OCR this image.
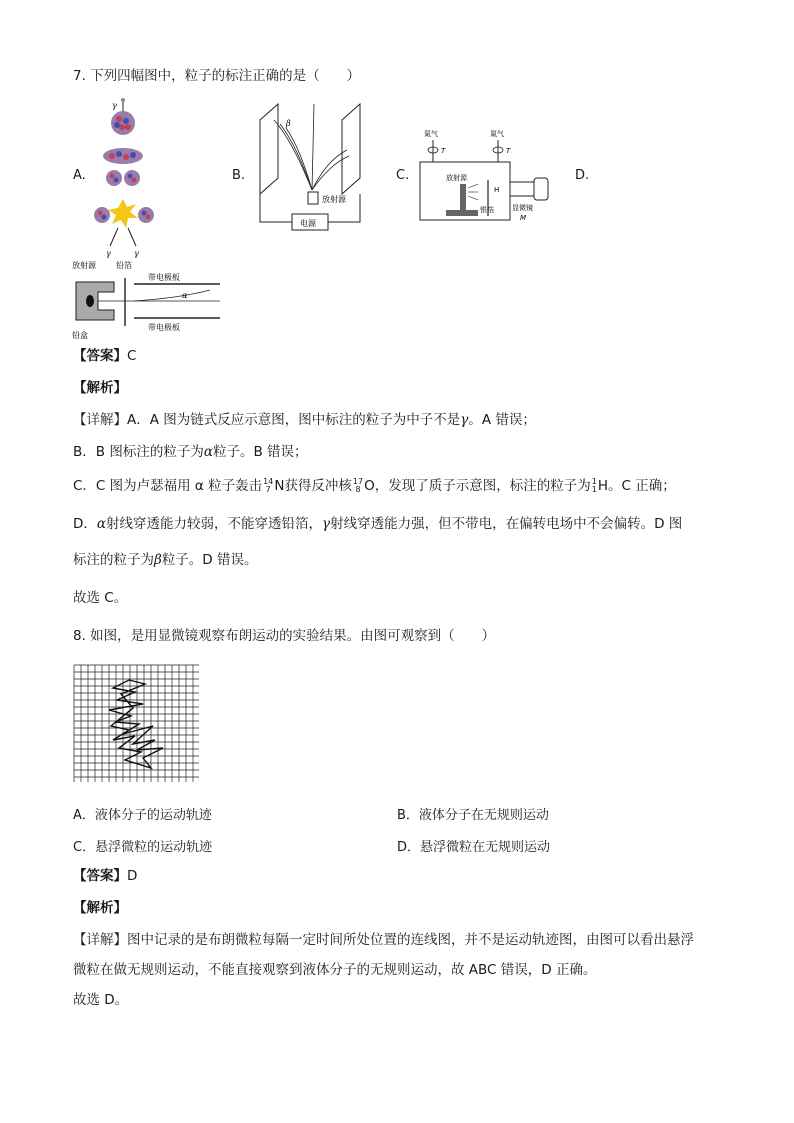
7. 下列四幅图中，粒子的标注正确的是（　　）
A.	B.	C.	D.
γ
γ	γ
β
放射源
电源
氮气	氮气
T	T
放射源
银箔
H
显微镜
M
放射源	铅箔
带电极板
带电极板
α
铅盒
【答案】C
【解析】
【详解】A．A 图为链式反应示意图，图中标注的粒子为中子不是γ。A 错误；
B．B 图标注的粒子为α粒子。B 错误；
C．C 图为卢瑟福用 α 粒子轰击 14
7 N获得反冲核 17
8 O，发现了质子示意图，标注的粒子为 1
1 H。C 正确；
D．α射线穿透能力较弱，不能穿透铅箔，γ射线穿透能力强，但不带电，在偏转电场中不会偏转。D 图
标注的粒子为β粒子。D 错误。
故选 C。
8. 如图，是用显微镜观察布朗运动的实验结果。由图可观察到（　　）
A．液体分子的运动轨迹	B．液体分子在无规则运动
C．悬浮微粒的运动轨迹	D．悬浮微粒在无规则运动
【答案】D
【解析】
【详解】图中记录的是布朗微粒每隔一定时间所处位置的连线图，并不是运动轨迹图，由图可以看出悬浮
微粒在做无规则运动，不能直接观察到液体分子的无规则运动，故 ABC 错误，D 正确。
故选 D。
